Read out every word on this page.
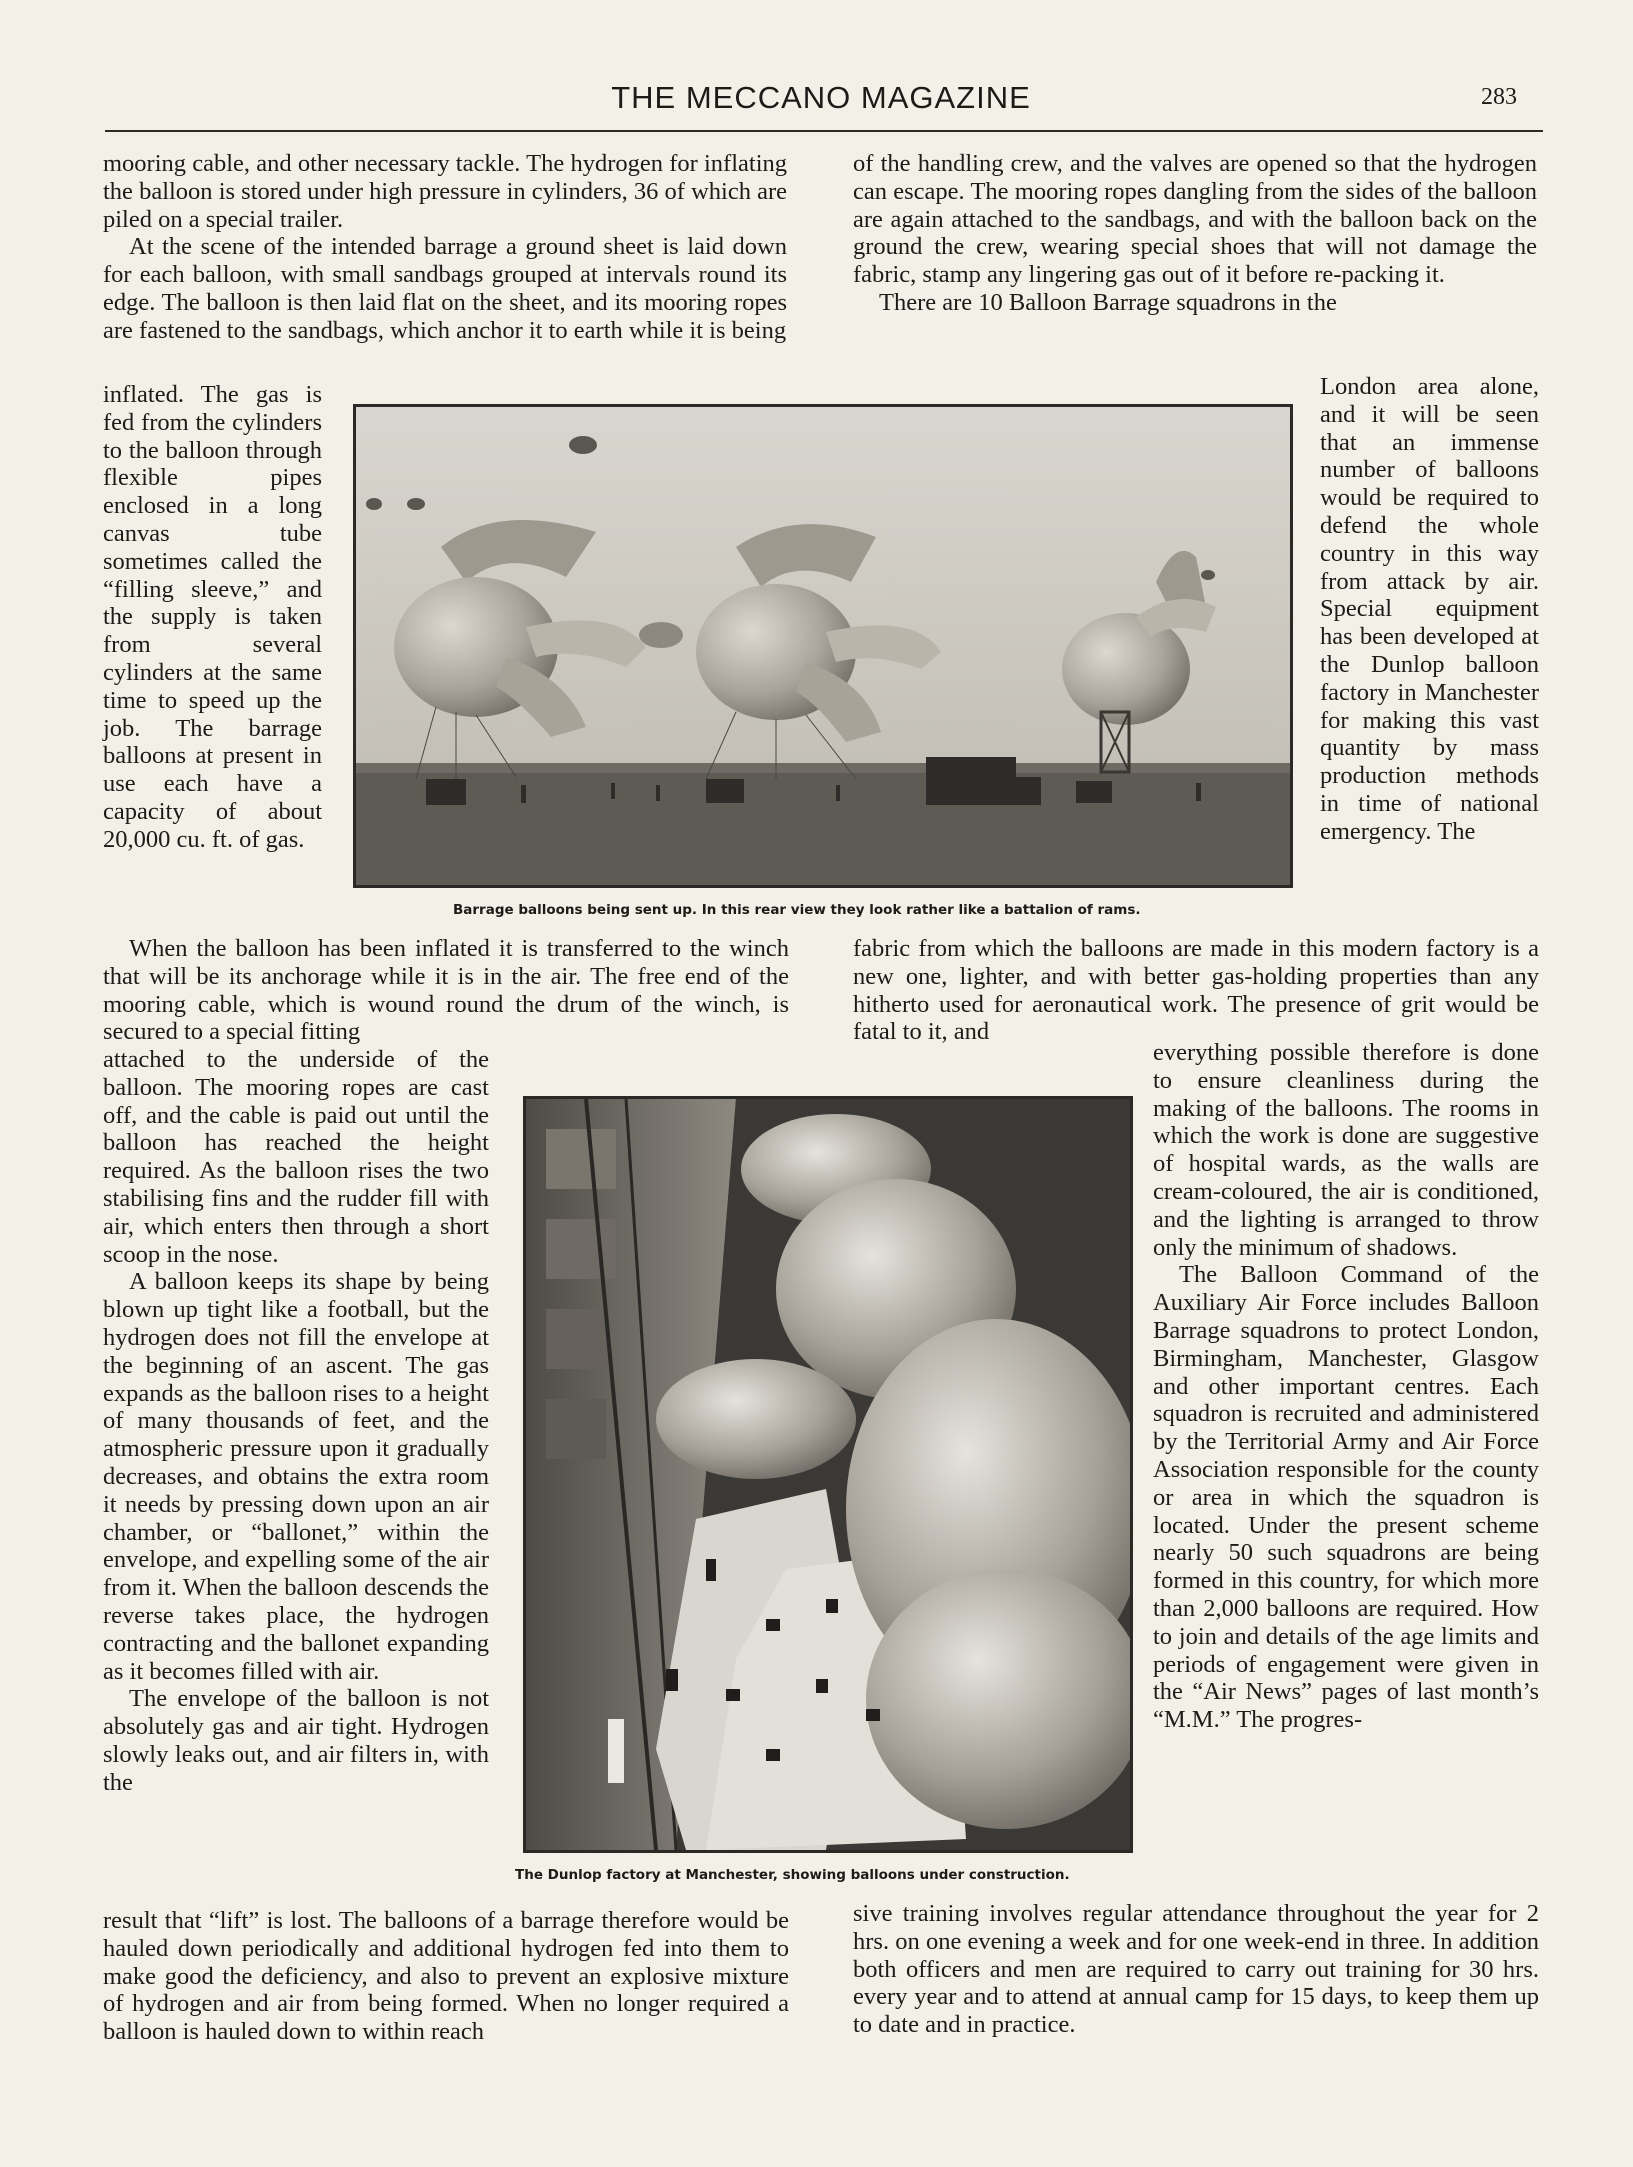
THE MECCANO MAGAZINE	283

mooring cable, and other necessary tackle. The hydrogen for inflating the balloon is stored under high pressure in cylinders, 36 of which are piled on a special trailer.

At the scene of the intended barrage a ground sheet is laid down for each balloon, with small sandbags grouped at intervals round its edge. The balloon is then laid flat on the sheet, and its mooring ropes are fastened to the sandbags, which anchor it to earth while it is being

inflated. The gas is fed from the cylinders to the balloon through flexible pipes enclosed in a long canvas tube sometimes called the “filling sleeve,” and the supply is taken from several cylinders at the same time to speed up the job. The barrage balloons at present in use each have a capacity of about 20,000 cu. ft. of gas.

When the balloon has been inflated it is transferred to the winch that will be its anchorage while it is in the air. The free end of the mooring cable, which is wound round the drum of the winch, is secured to a special fitting

attached to the underside of the balloon. The mooring ropes are cast off, and the cable is paid out until the balloon has reached the height required. As the balloon rises the two stabilising fins and the rudder fill with air, which enters then through a short scoop in the nose.

A balloon keeps its shape by being blown up tight like a football, but the hydrogen does not fill the envelope at the beginning of an ascent. The gas expands as the balloon rises to a height of many thousands of feet, and the atmospheric pressure upon it gradually decreases, and obtains the extra room it needs by pressing down upon an air chamber, or “ballonet,” within the envelope, and expelling some of the air from it. When the balloon descends the reverse takes place, the hydrogen contracting and the ballonet expanding as it becomes filled with air.

The envelope of the balloon is not absolutely gas and air tight. Hydrogen slowly leaks out, and air filters in, with the

result that “lift” is lost. The balloons of a barrage therefore would be hauled down periodically and additional hydrogen fed into them to make good the deficiency, and also to prevent an explosive mixture of hydrogen and air from being formed. When no longer required a balloon is hauled down to within reach

of the handling crew, and the valves are opened so that the hydrogen can escape. The mooring ropes dangling from the sides of the balloon are again attached to the sandbags, and with the balloon back on the ground the crew, wearing special shoes that will not damage the fabric, stamp any lingering gas out of it before re-packing it.

There are 10 Balloon Barrage squadrons in the

London area alone, and it will be seen that an immense number of balloons would be required to defend the whole country in this way from attack by air. Special equipment has been developed at the Dunlop balloon factory in Manchester for making this vast quantity by mass production methods in time of national emergency. The

fabric from which the balloons are made in this modern factory is a new one, lighter, and with better gas-holding properties than any hitherto used for aeronautical work. The presence of grit would be fatal to it, and

everything possible therefore is done to ensure cleanliness during the making of the balloons. The rooms in which the work is done are suggestive of hospital wards, as the walls are cream-coloured, the air is conditioned, and the lighting is arranged to throw only the minimum of shadows.

The Balloon Command of the Auxiliary Air Force includes Balloon Barrage squadrons to protect London, Birmingham, Manchester, Glasgow and other important centres. Each squadron is recruited and administered by the Territorial Army and Air Force Association responsible for the county or area in which the squadron is located. Under the present scheme nearly 50 such squadrons are being formed in this country, for which more than 2,000 balloons are required. How to join and details of the age limits and periods of engagement were given in the “Air News” pages of last month’s “M.M.” The progres-

sive training involves regular attendance throughout the year for 2 hrs. on one evening a week and for one week-end in three. In addition both officers and men are required to carry out training for 30 hrs. every year and to attend at annual camp for 15 days, to keep them up to date and in practice.

Barrage balloons being sent up. In this rear view they look rather like a battalion of rams.
The Dunlop factory at Manchester, showing balloons under construction.
